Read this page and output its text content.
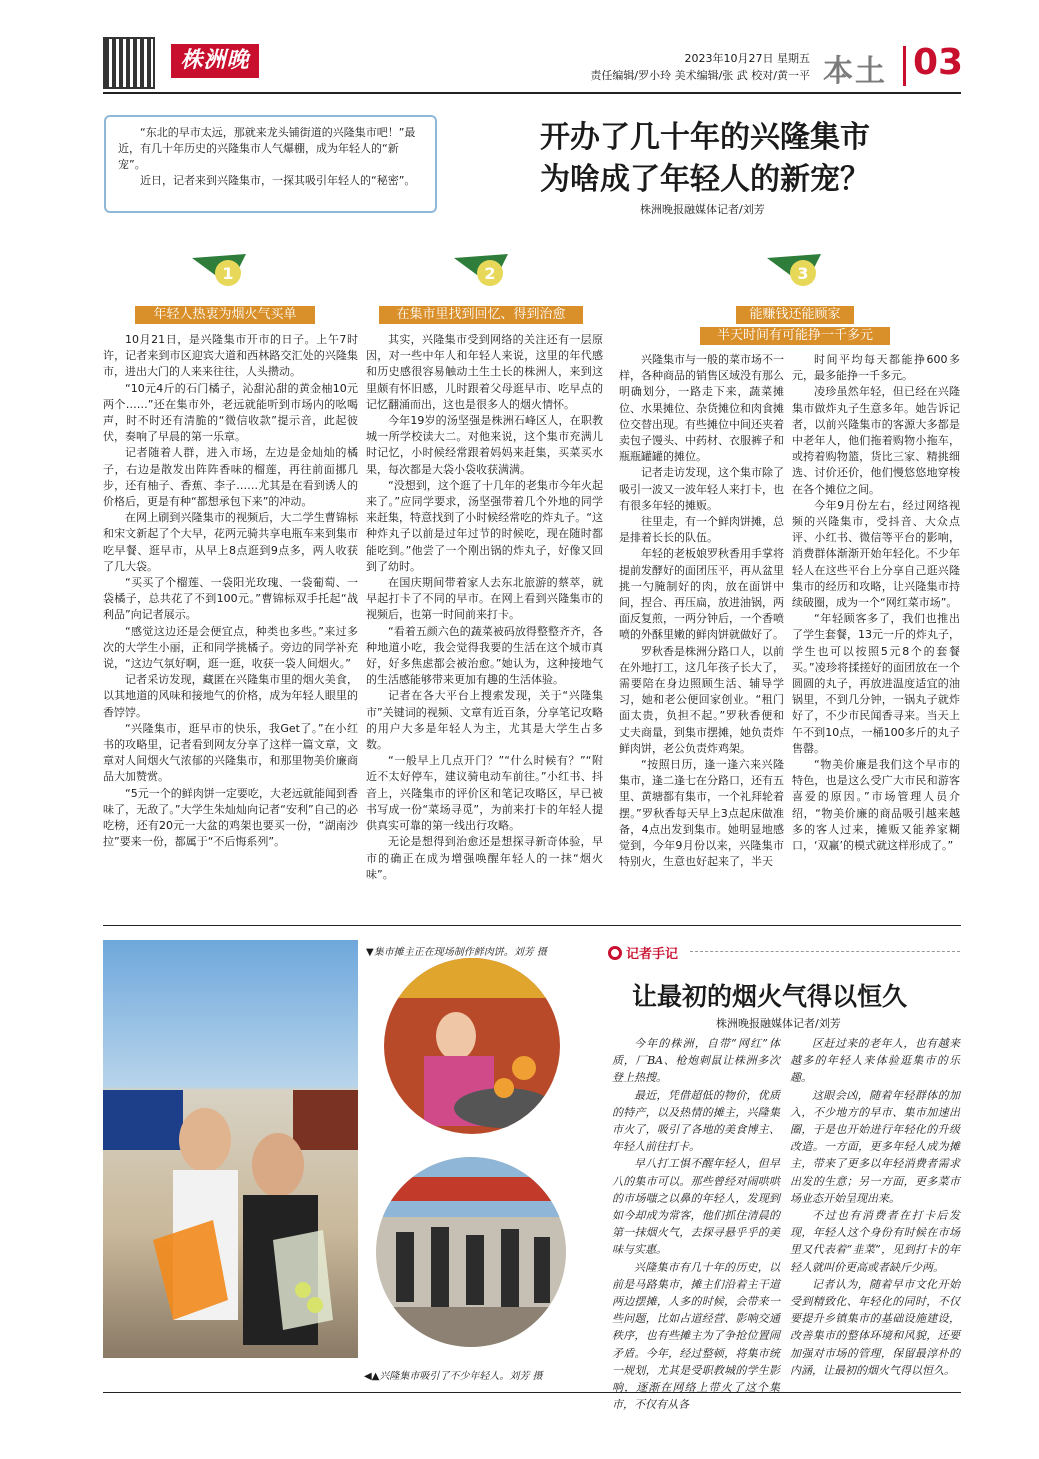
株洲晚报
2023年10月27日 星期五
责任编辑/罗小玲 美术编辑/张 武 校对/黄一平 本土 03

“东北的早市太远，那就来龙头铺街道的兴隆集市吧！”最近，有几十年历史的兴隆集市人气爆棚，成为年轻人的“新宠”。

近日，记者来到兴隆集市，一探其吸引年轻人的“秘密”。

开办了几十年的兴隆集市
为啥成了年轻人的新宠？
株洲晚报融媒体记者/刘芳
1	2	3
年轻人热衷为烟火气买单	在集市里找到回忆、得到治愈	能赚钱还能顾家
半天时间有可能挣一千多元

10月21日，是兴隆集市开市的日子。上午7时许，记者来到市区迎宾大道和西林路交汇处的兴隆集市，进出大门的人来来往往，人头攒动。

“10元4斤的石门橘子，沁甜沁甜的黄金柚10元两个……”还在集市外，老远就能听到市场内的吆喝声，时不时还有清脆的“微信收款”提示音，此起彼伏，奏响了早晨的第一乐章。

记者随着人群，进入市场，左边是金灿灿的橘子，右边是散发出阵阵香味的榴莲，再往前面挪几步，还有柚子、香蕉、李子……尤其是在看到诱人的价格后，更是有种“都想承包下来”的冲动。

在网上刷到兴隆集市的视频后，大二学生曹锦标和宋文新起了个大早，花两元骑共享电瓶车来到集市吃早餐、逛早市，从早上8点逛到9点多，两人收获了几大袋。

“买买了个榴莲、一袋阳光玫瑰、一袋葡萄、一袋橘子，总共花了不到100元。”曹锦标双手托起“战利品”向记者展示。

“感觉这边还是会便宜点，种类也多些。”来过多次的大学生小丽，正和同学挑橘子。旁边的同学补充说，“这边气氛好啊，逛一逛，收获一袋人间烟火。”

记者采访发现，藏匿在兴隆集市里的烟火美食，以其地道的风味和接地气的价格，成为年轻人眼里的香饽饽。

“兴隆集市，逛早市的快乐，我Get了。”在小红书的攻略里，记者看到网友分享了这样一篇文章，文章对人间烟火气浓郁的兴隆集市，和那里物美价廉商品大加赞赏。

“5元一个的鲜肉饼一定要吃，大老远就能闻到香味了，无敌了。”大学生朱灿灿向记者“安利”自己的必吃榜，还有20元一大盆的鸡架也要买一份，“湖南沙拉”要来一份，都属于“不后悔系列”。

其实，兴隆集市受到网络的关注还有一层原因，对一些中年人和年轻人来说，这里的年代感和历史感很容易触动土生土长的株洲人，来到这里颇有怀旧感，儿时跟着父母逛早市、吃早点的记忆翻涌而出，这也是很多人的烟火情怀。

今年19岁的汤坚强是株洲石峰区人，在职教城一所学校读大二。对他来说，这个集市充满儿时记忆，小时候经常跟着妈妈来赶集，买菜买水果，每次都是大袋小袋收获满满。

“没想到，这个逛了十几年的老集市今年火起来了。”应同学要求，汤坚强带着几个外地的同学来赶集，特意找到了小时候经常吃的炸丸子。“这种炸丸子以前是过年过节的时候吃，现在随时都能吃到。”他尝了一个刚出锅的炸丸子，好像又回到了幼时。

在国庆期间带着家人去东北旅游的蔡萃，就早起打卡了不同的早市。在网上看到兴隆集市的视频后，也第一时间前来打卡。

“看着五颜六色的蔬菜被码放得整整齐齐，各种地道小吃，我会觉得我要的生活在这个城市真好，好多焦虑都会被治愈。”她认为，这种接地气的生活感能够带来更加有趣的生活体验。

记者在各大平台上搜索发现，关于“兴隆集市”关键词的视频、文章有近百条，分享笔记攻略的用户大多是年轻人为主，尤其是大学生占多数。

“一般早上几点开门？”“什么时候有？”“附近不太好停车，建议骑电动车前往。”小红书、抖音上，兴隆集市的评价区和笔记攻略区，早已被书写成一份“菜场寻觅”，为前来打卡的年轻人提供真实可靠的第一线出行攻略。

无论是想得到治愈还是想探寻新奇体验，早市的确正在成为增强唤醒年轻人的一抹“烟火味”。

兴隆集市与一般的菜市场不一样，各种商品的销售区域没有那么明确划分，一路走下来，蔬菜摊位、水果摊位、杂货摊位和肉食摊位交替出现。有些摊位中间还夹着卖包子馒头、中药材、衣服裤子和瓶瓶罐罐的摊位。

记者走访发现，这个集市除了吸引一波又一波年轻人来打卡，也有很多年轻的摊贩。

往里走，有一个鲜肉饼摊，总是排着长长的队伍。

年轻的老板娘罗秋香用手掌将提前发酵好的面团压平，再从盆里挑一勺腌制好的肉，放在面饼中间，捏合、再压扁，放进油锅，两面反复煎，一两分钟后，一个香喷喷的外酥里嫩的鲜肉饼就做好了。

罗秋香是株洲分路口人，以前在外地打工，这几年孩子长大了，需要陪在身边照顾生活、辅导学习，她和老公便回家创业。“租门面太贵，负担不起。”罗秋香便和丈夫商量，到集市摆摊，她负责炸鲜肉饼，老公负责炸鸡架。

“按照日历，逢一逢六来兴隆集市，逢二逢七在分路口，还有五里、黄塘都有集市，一个礼拜轮着摆。”罗秋香每天早上3点起床做准备，4点出发到集市。她明显地感觉到，今年9月份以来，兴隆集市特别火，生意也好起来了，半天

时间平均每天都能挣600多元，最多能挣一千多元。

凌珍虽然年轻，但已经在兴隆集市做炸丸子生意多年。她告诉记者，以前兴隆集市的客源大多都是中老年人，他们拖着购物小拖车，或挎着购物篮，货比三家、精挑细选、讨价还价，他们慢悠悠地穿梭在各个摊位之间。

今年9月份左右，经过网络视频的兴隆集市，受抖音、大众点评、小红书、微信等平台的影响，消费群体渐渐开始年轻化。不少年轻人在这些平台上分享自己逛兴隆集市的经历和攻略，让兴隆集市持续破圈，成为一个“网红菜市场”。

“年轻顾客多了，我们也推出了学生套餐，13元一斤的炸丸子，学生也可以按照5元8个的套餐买。”凌珍将揉搓好的面团放在一个圆圆的丸子，再放进温度适宜的油锅里，不到几分钟，一锅丸子就炸好了，不少市民闻香寻来。当天上午不到10点，一桶100多斤的丸子售罄。

“物美价廉是我们这个早市的特色，也是这么受广大市民和游客喜爱的原因。”市场管理人员介绍，“物美价廉的商品吸引越来越多的客人过来，摊贩又能养家糊口，‘双赢’的模式就这样形成了。”

▼集市摊主正在现场制作鲜肉饼。刘芳 摄
◀▲兴隆集市吸引了不少年轻人。刘芳 摄
记者手记
让最初的烟火气得以恒久
株洲晚报融媒体记者/刘芳

今年的株洲，自带“网红”体质，厂BA、枪炮刺鼠让株洲多次登上热搜。

最近，凭借超低的物价，优质的特产，以及热情的摊主，兴隆集市火了，吸引了各地的美食博主、年轻人前往打卡。

早八打工惧不醒年轻人，但早八的集市可以。那些曾经对闹哄哄的市场嗤之以鼻的年轻人，发现到如今却成为常客，他们抓住清晨的第一抹烟火气，去探寻悬乎乎的美味与实惠。

兴隆集市有几十年的历史，以前是马路集市，摊主们沿着主干道两边摆摊，人多的时候，会带来一些问题，比如占道经营、影响交通秩序，也有些摊主为了争抢位置闹矛盾。今年，经过整顿，将集市统一规划，尤其是受职教城的学生影响，逐渐在网络上带火了这个集市，不仅有从各

区赶过来的老年人，也有越来越多的年轻人来体验逛集市的乐趣。

这眼会凶，随着年轻群体的加入，不少地方的早市、集市加速出圈，于是也开始进行年轻化的升级改造。一方面，更多年轻人成为摊主，带来了更多以年轻消费者需求出发的生意；另一方面，更多菜市场业态开始呈现出来。

不过也有消费者在打卡后发现，年轻人这个身份有时候在市场里又代表着“韭菜”，见到打卡的年轻人就叫价更高或者缺斤少两。

记者认为，随着早市文化开始受到精致化、年轻化的同时，不仅要提升乡镇集市的基础设施建设，改善集市的整体环境和风貌，还要加强对市场的管理，保留最淳朴的内涵，让最初的烟火气得以恒久。
